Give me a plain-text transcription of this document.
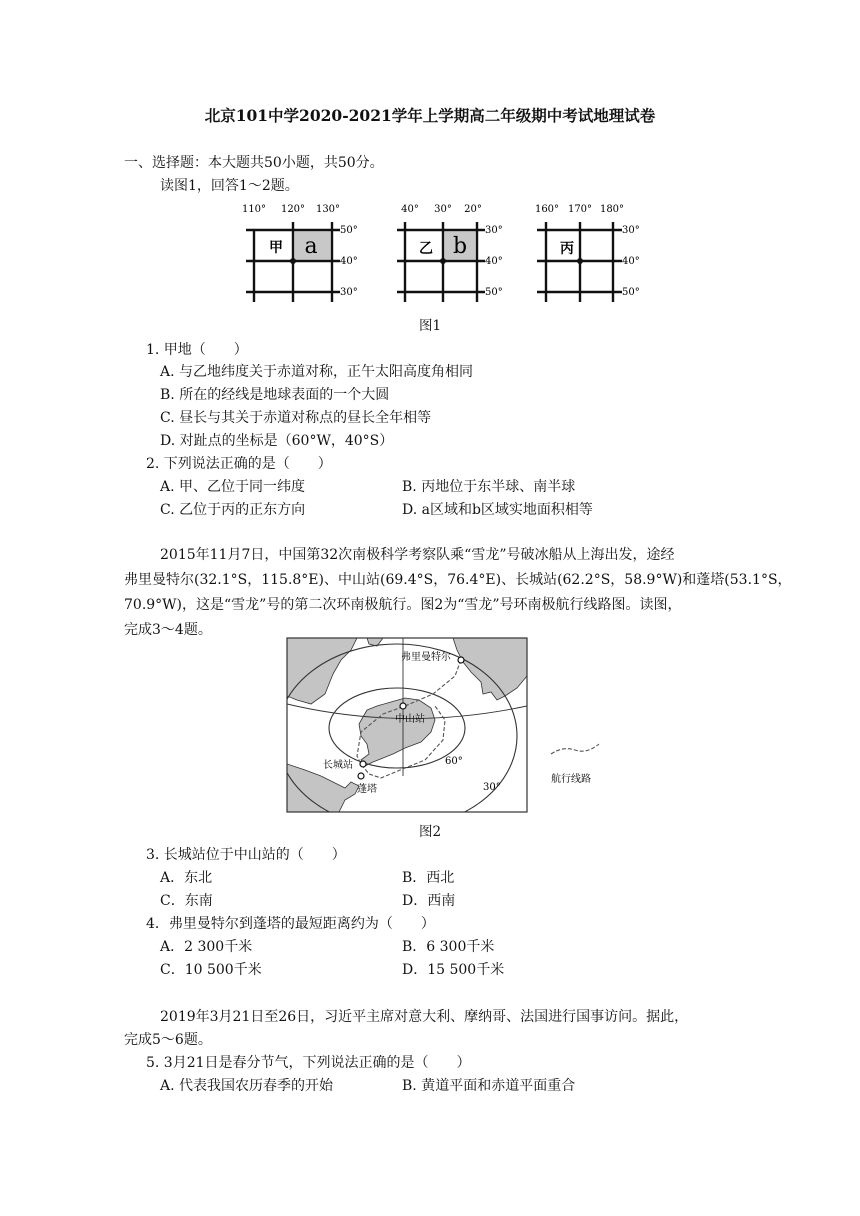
北京101中学2020-2021学年上学期高二年级期中考试地理试卷
一、选择题：本大题共50小题，共50分。
读图1，回答1～2题。
110° 120° 130°
50°
40°
30°
甲 a
40° 30° 20°
30°
40°
50°
乙 b
160° 170° 180°
30°
40°
50°
丙
图1
1. 甲地（　　）
A. 与乙地纬度关于赤道对称，正午太阳高度角相同
B. 所在的经线是地球表面的一个大圆
C. 昼长与其关于赤道对称点的昼长全年相等
D. 对趾点的坐标是（60°W，40°S）
2. 下列说法正确的是（　　）
A. 甲、乙位于同一纬度	B. 丙地位于东半球、南半球
C. 乙位于丙的正东方向	D. a区域和b区域实地面积相等
2015年11月7日，中国第32次南极科学考察队乘“雪龙”号破冰船从上海出发，途经
弗里曼特尔(32.1°S，115.8°E)、中山站(69.4°S，76.4°E)、长城站(62.2°S，58.9°W)和蓬塔(53.1°S，
70.9°W)，这是“雪龙”号的第二次环南极航行。图2为“雪龙”号环南极航行线路图。读图，
完成3～4题。
弗里曼特尔
中山站
长城站
蓬塔
60°
30°
航行线路
图2
3. 长城站位于中山站的（　　）
A．东北	B．西北
C．东南	D．西南
4．弗里曼特尔到蓬塔的最短距离约为（　　）
A．2 300千米	B．6 300千米
C．10 500千米	D．15 500千米
2019年3月21日至26日，习近平主席对意大利、摩纳哥、法国进行国事访问。据此，
完成5～6题。
5. 3月21日是春分节气，下列说法正确的是（　　）
A. 代表我国农历春季的开始	B. 黄道平面和赤道平面重合
